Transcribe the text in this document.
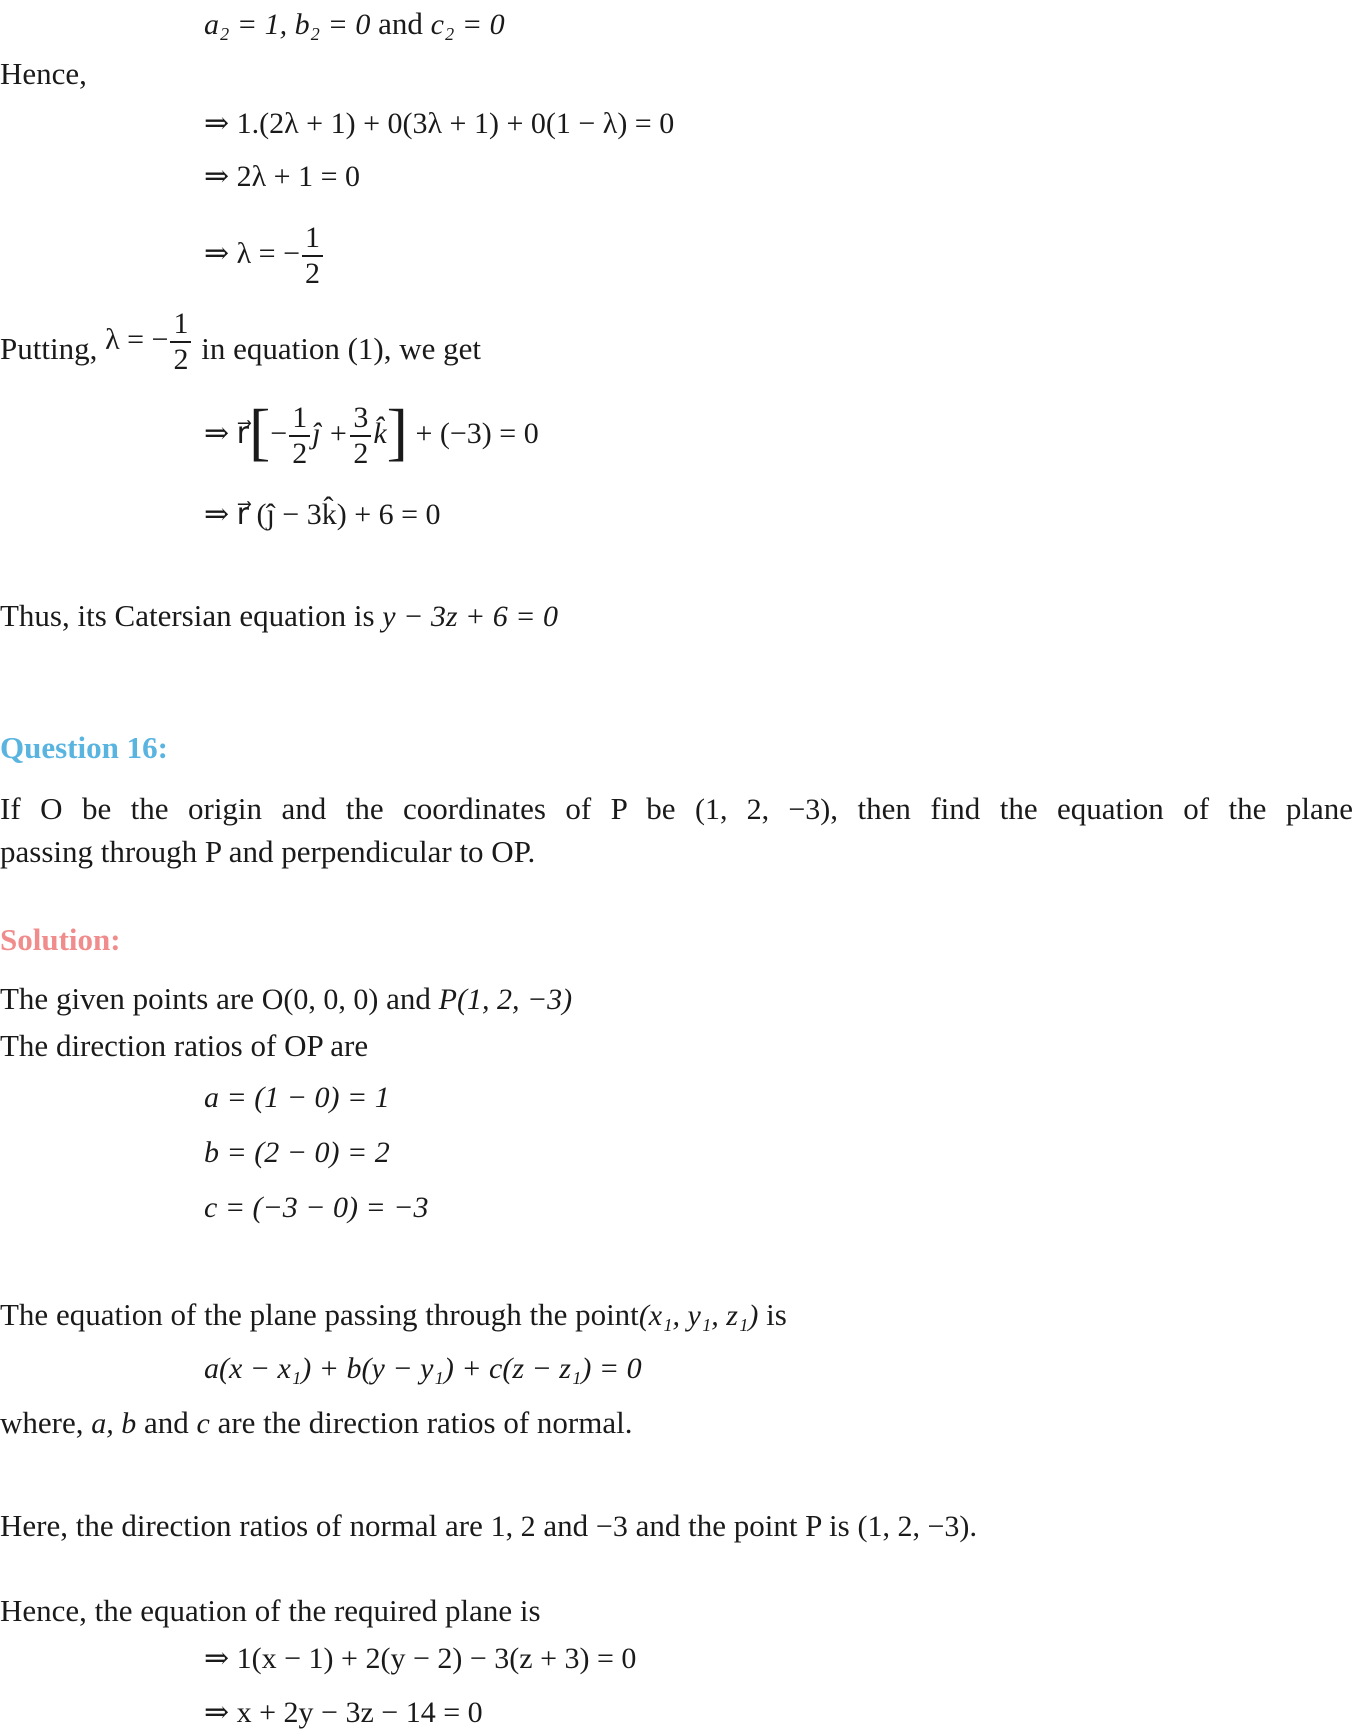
a₂ = 1, b₂ = 0 and c₂ = 0
Hence,
⇒ 1.(2λ + 1) + 0(3λ + 1) + 0(1 − λ) = 0
⇒ 2λ + 1 = 0
⇒ λ = − $\frac{1}{2}$
Putting, λ = − $\frac{1}{2}$ in equation (1), we get
⇒ r⃗[− $\frac{1}{2}$ ĵ + $\frac{3}{2}$ k̂] + (−3) = 0
⇒ r⃗ (ĵ − 3k̂) + 6 = 0
Thus, its Catersian equation is y − 3z + 6 = 0
Question 16:
If O be the origin and the coordinates of P be (1, 2, −3), then find the equation of the plane
passing through P and perpendicular to OP.
Solution:
The given points are O(0, 0, 0) and P(1, 2, −3)
The direction ratios of OP are
a = (1 − 0) = 1
b = (2 − 0) = 2
c = (−3 − 0) = −3
The equation of the plane passing through the point(x₁, y₁, z₁) is
a(x − x₁) + b(y − y₁) + c(z − z₁) = 0
where, a, b and c are the direction ratios of normal.
Here, the direction ratios of normal are 1, 2 and −3 and the point P is (1, 2, −3).
Hence, the equation of the required plane is
⇒ 1(x − 1) + 2(y − 2) − 3(z + 3) = 0
⇒ x + 2y − 3z − 14 = 0
